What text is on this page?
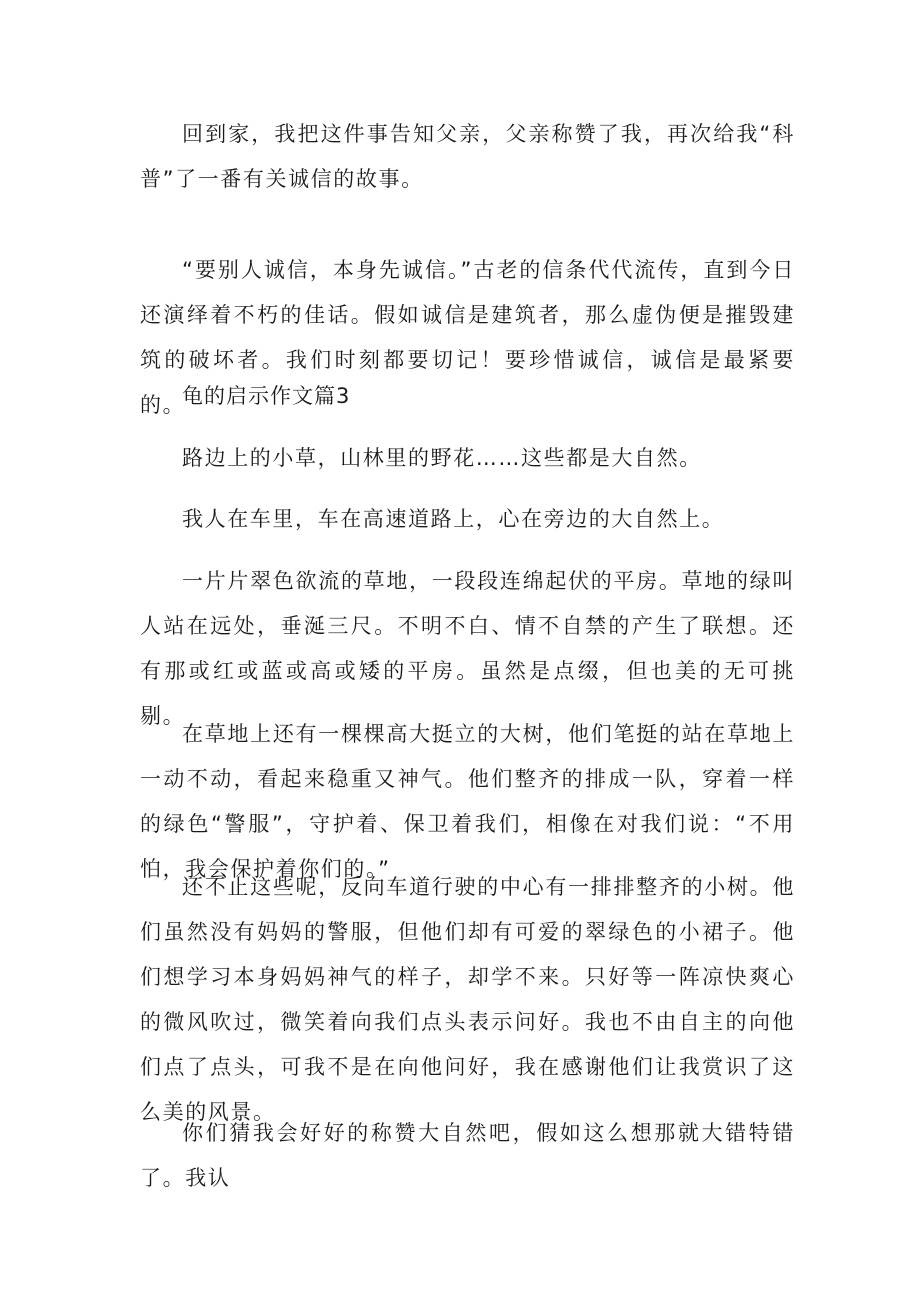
回到家，我把这件事告知父亲，父亲称赞了我，再次给我“科普”了一番有关诚信的故事。

“要别人诚信，本身先诚信。”古老的信条代代流传，直到今日还演绎着不朽的佳话。假如诚信是建筑者，那么虚伪便是摧毁建筑的破坏者。我们时刻都要切记！要珍惜诚信，诚信是最紧要的。

龟的启示作文篇3

路边上的小草，山林里的野花……这些都是大自然。

我人在车里，车在高速道路上，心在旁边的大自然上。

一片片翠色欲流的草地，一段段连绵起伏的平房。草地的绿叫人站在远处，垂涎三尺。不明不白、情不自禁的产生了联想。还有那或红或蓝或高或矮的平房。虽然是点缀，但也美的无可挑剔。

在草地上还有一棵棵高大挺立的大树，他们笔挺的站在草地上一动不动，看起来稳重又神气。他们整齐的排成一队，穿着一样的绿色“警服”，守护着、保卫着我们，相像在对我们说：“不用怕，我会保护着你们的。”

还不止这些呢，反向车道行驶的中心有一排排整齐的小树。他们虽然没有妈妈的警服，但他们却有可爱的翠绿色的小裙子。他们想学习本身妈妈神气的样子，却学不来。只好等一阵凉快爽心的微风吹过，微笑着向我们点头表示问好。我也不由自主的向他们点了点头，可我不是在向他问好，我在感谢他们让我赏识了这么美的风景。

你们猜我会好好的称赞大自然吧，假如这么想那就大错特错了。我认
